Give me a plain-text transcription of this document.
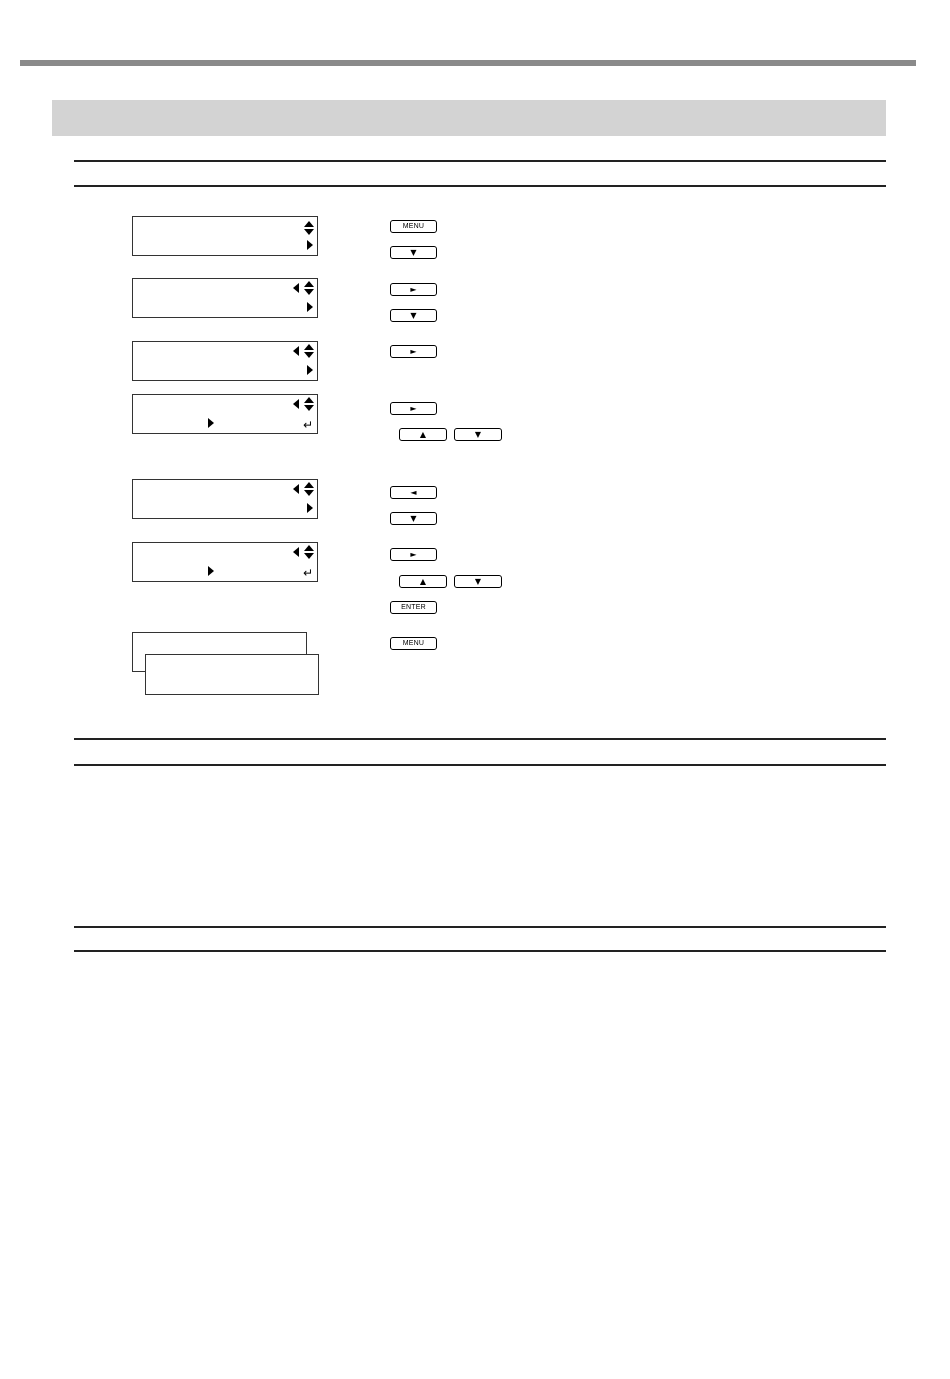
↵
↵
MENU
▼
►
▼
►
►
▲	▼
◄
▼
►
▲	▼
ENTER
MENU
